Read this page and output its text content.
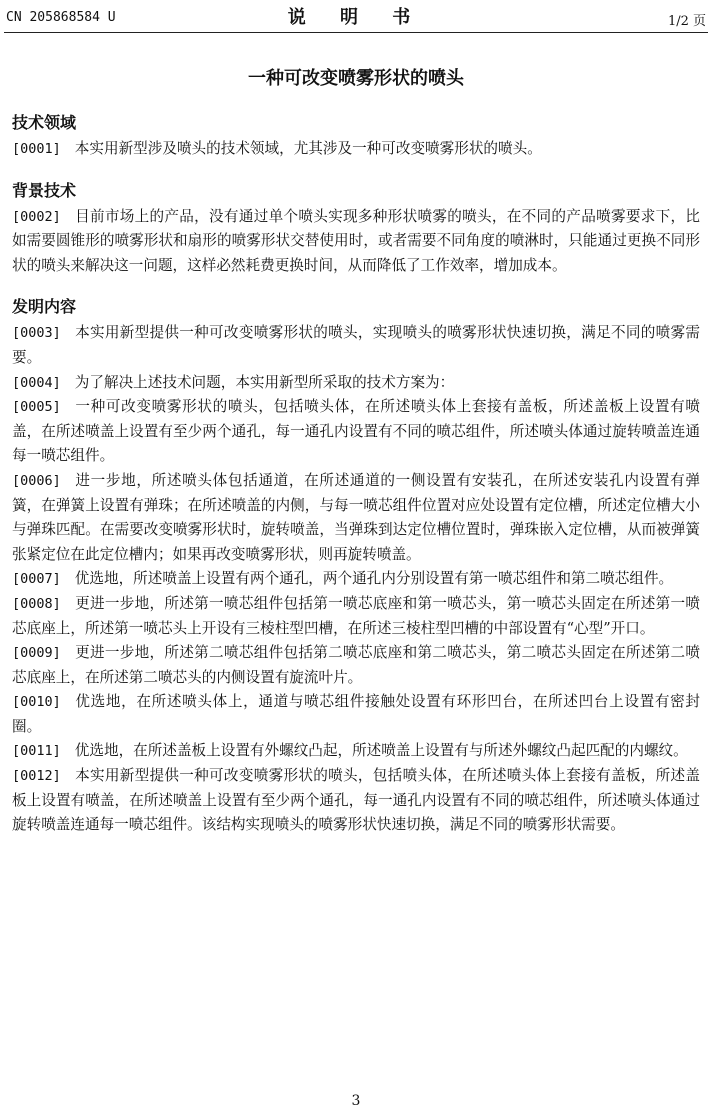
CN 205868584 U	说 明 书	1/2 页
一种可改变喷雾形状的喷头
技术领域

[0001] 本实用新型涉及喷头的技术领域，尤其涉及一种可改变喷雾形状的喷头。

背景技术

[0002] 目前市场上的产品，没有通过单个喷头实现多种形状喷雾的喷头，在不同的产品喷雾要求下，比如需要圆锥形的喷雾形状和扇形的喷雾形状交替使用时，或者需要不同角度的喷淋时，只能通过更换不同形状的喷头来解决这一问题，这样必然耗费更换时间，从而降低了工作效率，增加成本。

发明内容

[0003] 本实用新型提供一种可改变喷雾形状的喷头，实现喷头的喷雾形状快速切换，满足不同的喷雾需要。

[0004] 为了解决上述技术问题，本实用新型所采取的技术方案为：

[0005] 一种可改变喷雾形状的喷头，包括喷头体，在所述喷头体上套接有盖板，所述盖板上设置有喷盖，在所述喷盖上设置有至少两个通孔，每一通孔内设置有不同的喷芯组件，所述喷头体通过旋转喷盖连通每一喷芯组件。

[0006] 进一步地，所述喷头体包括通道，在所述通道的一侧设置有安装孔，在所述安装孔内设置有弹簧，在弹簧上设置有弹珠；在所述喷盖的内侧，与每一喷芯组件位置对应处设置有定位槽，所述定位槽大小与弹珠匹配。在需要改变喷雾形状时，旋转喷盖，当弹珠到达定位槽位置时，弹珠嵌入定位槽，从而被弹簧张紧定位在此定位槽内；如果再改变喷雾形状，则再旋转喷盖。

[0007] 优选地，所述喷盖上设置有两个通孔，两个通孔内分别设置有第一喷芯组件和第二喷芯组件。

[0008] 更进一步地，所述第一喷芯组件包括第一喷芯底座和第一喷芯头，第一喷芯头固定在所述第一喷芯底座上，所述第一喷芯头上开设有三棱柱型凹槽，在所述三棱柱型凹槽的中部设置有“心型”开口。

[0009] 更进一步地，所述第二喷芯组件包括第二喷芯底座和第二喷芯头，第二喷芯头固定在所述第二喷芯底座上，在所述第二喷芯头的内侧设置有旋流叶片。

[0010] 优选地，在所述喷头体上，通道与喷芯组件接触处设置有环形凹台，在所述凹台上设置有密封圈。

[0011] 优选地，在所述盖板上设置有外螺纹凸起，所述喷盖上设置有与所述外螺纹凸起匹配的内螺纹。

[0012] 本实用新型提供一种可改变喷雾形状的喷头，包括喷头体，在所述喷头体上套接有盖板，所述盖板上设置有喷盖，在所述喷盖上设置有至少两个通孔，每一通孔内设置有不同的喷芯组件，所述喷头体通过旋转喷盖连通每一喷芯组件。该结构实现喷头的喷雾形状快速切换，满足不同的喷雾形状需要。

3
